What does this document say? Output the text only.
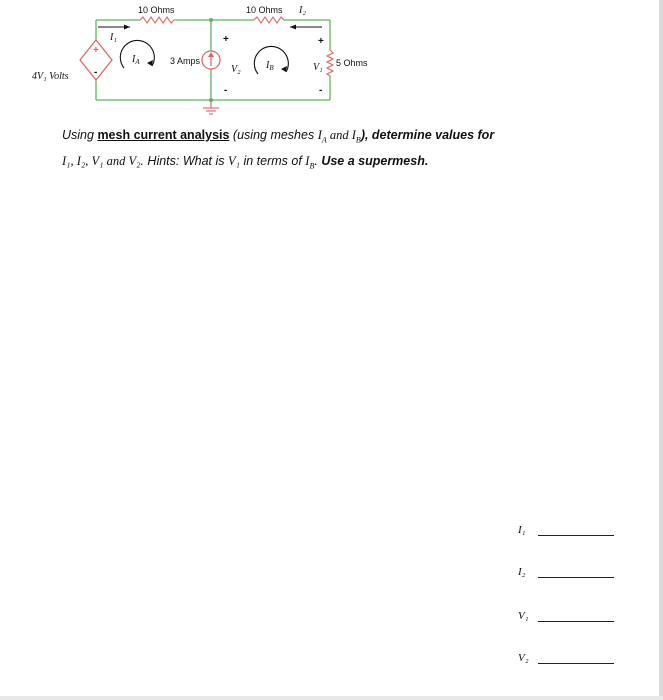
10 Ohms	10 Ohms I₂
5 Ohms
+
-
4V₁ Volts
I₁
$I_A$	3 Amps
+
-
V₂	$I_B$
+
-
V₁
Using mesh current analysis (using meshes $I_A$ and $I_B$), determine values for
I₁, I₂, V₁ and V₂. Hints: What is V₁ in terms of $I_B$. Use a supermesh.
I₁
I₂
V₁
V₂
